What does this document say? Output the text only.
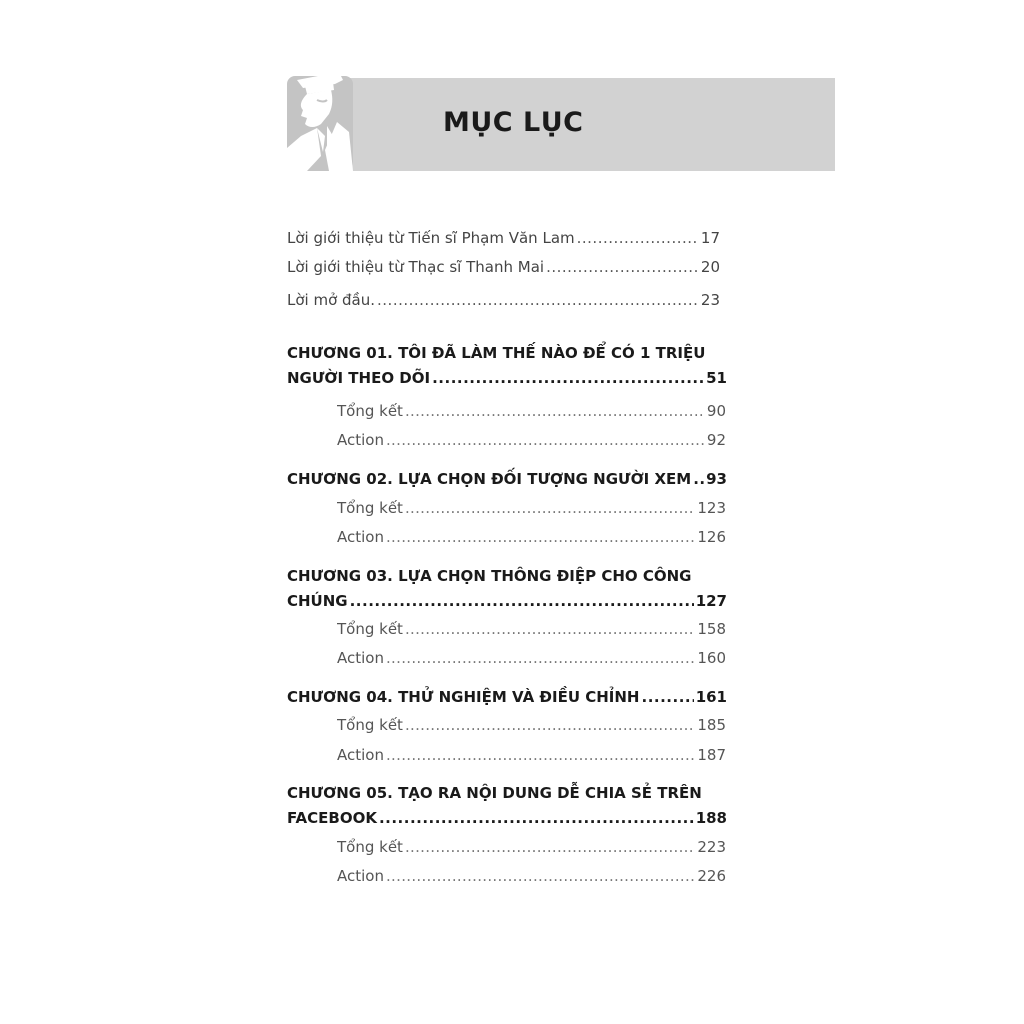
MỤC LỤC
Lời giới thiệu từ Tiến sĩ Phạm Văn Lam .....	17
Lời giới thiệu từ Thạc sĩ Thanh Mai .....	20
Lời mở đầu. .....	23
CHƯƠNG 01. TÔI ĐÃ LÀM THẾ NÀO ĐỂ CÓ 1 TRIỆU
NGƯỜI THEO DÕI .....	51
Tổng kết .....	90
Action .....	92
CHƯƠNG 02. LỰA CHỌN ĐỐI TƯỢNG NGƯỜI XEM ..... 93
Tổng kết .....	123
Action .....	126
CHƯƠNG 03. LỰA CHỌN THÔNG ĐIỆP CHO CÔNG
CHÚNG .....	127
Tổng kết .....	158
Action .....	160
CHƯƠNG 04. THỬ NGHIỆM VÀ ĐIỀU CHỈNH .....	161
Tổng kết .....	185
Action .....	187
CHƯƠNG 05. TẠO RA NỘI DUNG DỄ CHIA SẺ TRÊN
FACEBOOK .....	188
Tổng kết .....	223
Action .....	226
